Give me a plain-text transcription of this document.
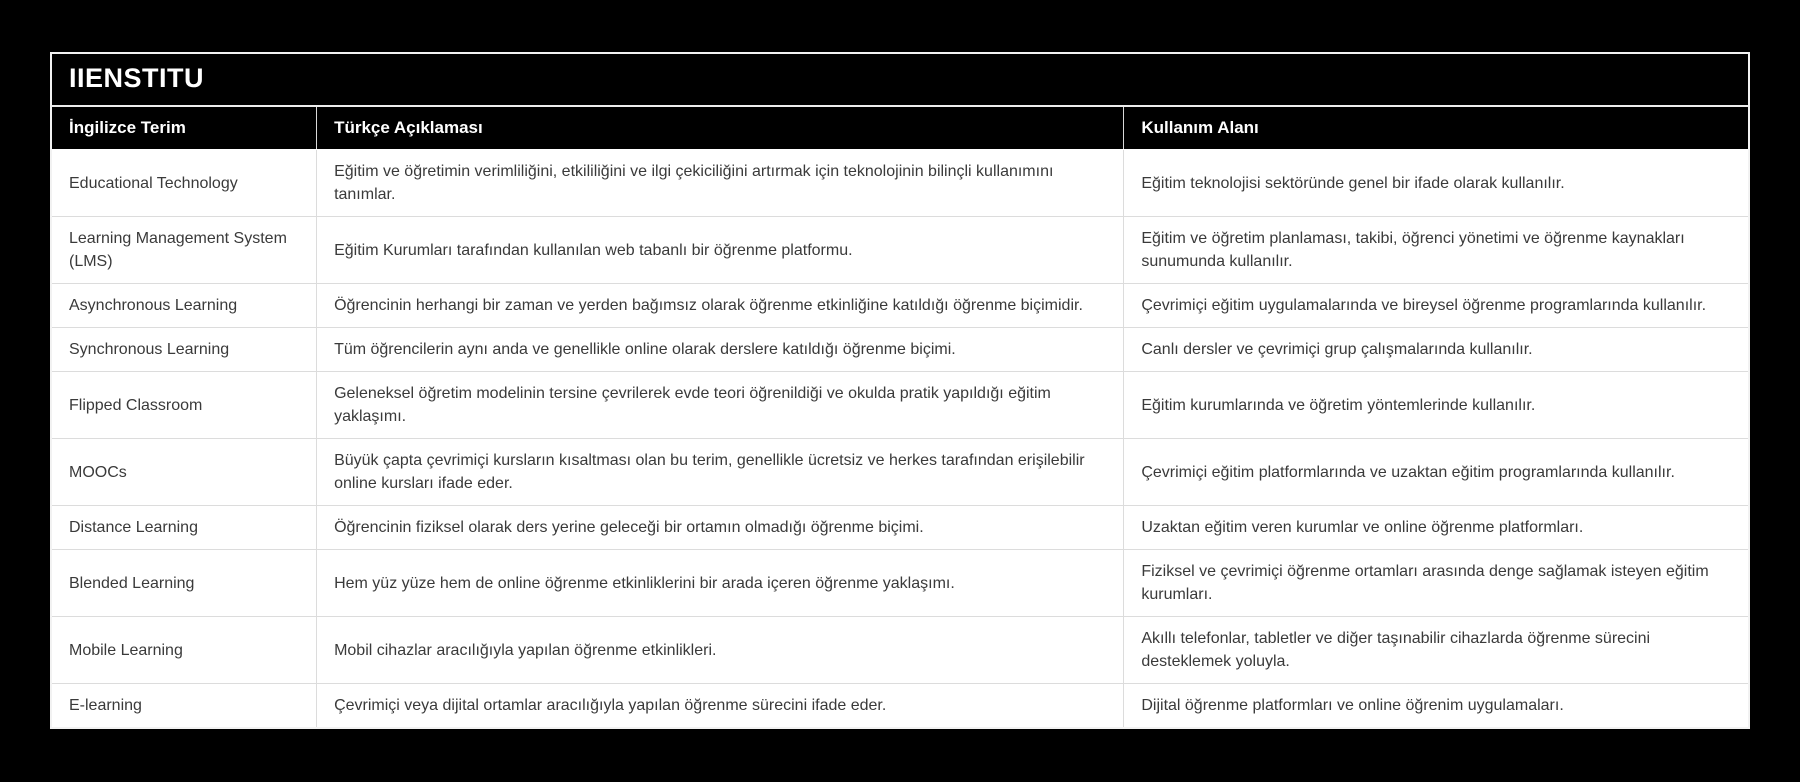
IIENSTITU
İngilizce Terim	Türkçe Açıklaması	Kullanım Alanı
Educational Technology	Eğitim ve öğretimin verimliliğini, etkililiğini ve ilgi çekiciliğini artırmak için teknolojinin bilinçli kullanımını tanımlar.	Eğitim teknolojisi sektöründe genel bir ifade olarak kullanılır.
Learning Management System (LMS)	Eğitim Kurumları tarafından kullanılan web tabanlı bir öğrenme platformu.	Eğitim ve öğretim planlaması, takibi, öğrenci yönetimi ve öğrenme kaynakları sunumunda kullanılır.
Asynchronous Learning	Öğrencinin herhangi bir zaman ve yerden bağımsız olarak öğrenme etkinliğine katıldığı öğrenme biçimidir.	Çevrimiçi eğitim uygulamalarında ve bireysel öğrenme programlarında kullanılır.
Synchronous Learning	Tüm öğrencilerin aynı anda ve genellikle online olarak derslere katıldığı öğrenme biçimi.	Canlı dersler ve çevrimiçi grup çalışmalarında kullanılır.
Flipped Classroom	Geleneksel öğretim modelinin tersine çevrilerek evde teori öğrenildiği ve okulda pratik yapıldığı eğitim yaklaşımı.	Eğitim kurumlarında ve öğretim yöntemlerinde kullanılır.
MOOCs	Büyük çapta çevrimiçi kursların kısaltması olan bu terim, genellikle ücretsiz ve herkes tarafından erişilebilir online kursları ifade eder.	Çevrimiçi eğitim platformlarında ve uzaktan eğitim programlarında kullanılır.
Distance Learning	Öğrencinin fiziksel olarak ders yerine geleceği bir ortamın olmadığı öğrenme biçimi.	Uzaktan eğitim veren kurumlar ve online öğrenme platformları.
Blended Learning	Hem yüz yüze hem de online öğrenme etkinliklerini bir arada içeren öğrenme yaklaşımı.	Fiziksel ve çevrimiçi öğrenme ortamları arasında denge sağlamak isteyen eğitim kurumları.
Mobile Learning	Mobil cihazlar aracılığıyla yapılan öğrenme etkinlikleri.	Akıllı telefonlar, tabletler ve diğer taşınabilir cihazlarda öğrenme sürecini desteklemek yoluyla.
E-learning	Çevrimiçi veya dijital ortamlar aracılığıyla yapılan öğrenme sürecini ifade eder.	Dijital öğrenme platformları ve online öğrenim uygulamaları.
